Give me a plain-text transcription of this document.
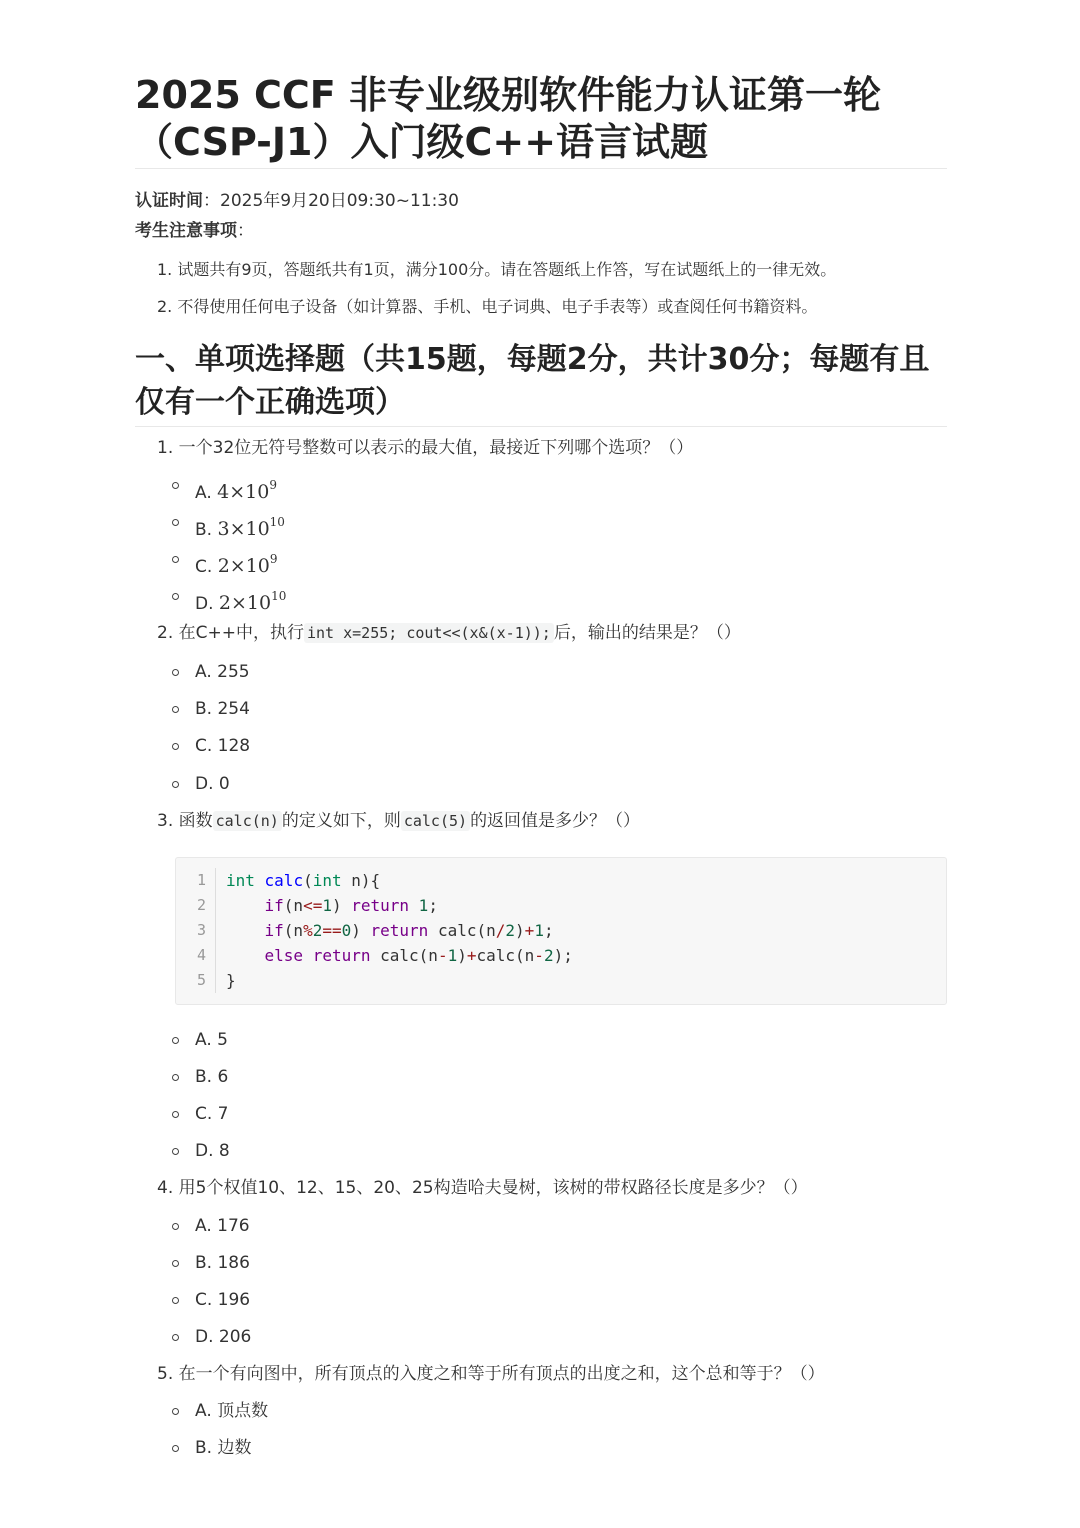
2025 CCF 非专业级别软件能力认证第一轮
（CSP-J1）入门级C++语言试题
认证时间：2025年9月20日09:30~11:30
考生注意事项：
1. 试题共有9页，答题纸共有1页，满分100分。请在答题纸上作答，写在试题纸上的一律无效。
2. 不得使用任何电子设备（如计算器、手机、电子词典、电子手表等）或查阅任何书籍资料。
一、单项选择题（共15题，每题2分，共计30分；每题有且
仅有一个正确选项）
1. 一个32位无符号整数可以表示的最大值，最接近下列哪个选项？（）
A. $4\times 10^9$
B. $3\times 10^{10}$
C. $2\times 10^9$
D. $2\times 10^{10}$
2. 在C++中，执行 int x=255; cout<<(x&(x-1)); 后，输出的结果是？（）
A. 255
B. 254
C. 128
D. 0
3. 函数 calc(n) 的定义如下，则 calc(5) 的返回值是多少？（）
1
2
3
4
5
int calc(int n){
if(n<=1) return 1;
if(n%2==0) return calc(n/2)+1;
else return calc(n-1)+calc(n-2);
}
A. 5
B. 6
C. 7
D. 8
4. 用5个权值10、12、15、20、25构造哈夫曼树，该树的带权路径长度是多少？（）
A. 176
B. 186
C. 196
D. 206
5. 在一个有向图中，所有顶点的入度之和等于所有顶点的出度之和，这个总和等于？（）
A. 顶点数
B. 边数
